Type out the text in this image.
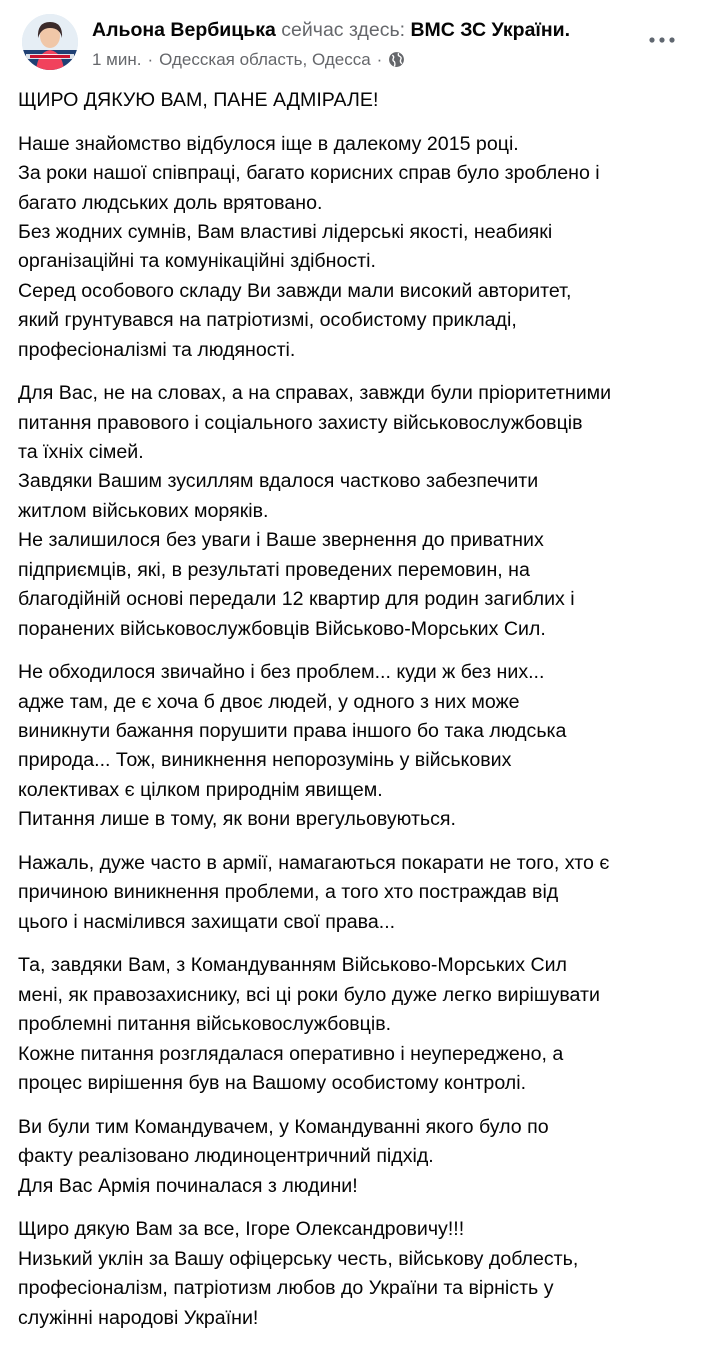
Альона Вербицька сейчас здесь: ВМС ЗС України.
1 мин. · Одесская область, Одесса ·
ЩИРО ДЯКУЮ ВАМ, ПАНЕ АДМІРАЛЕ!
Наше знайомство відбулося іще в далекому 2015 році.
За роки нашої співпраці, багато корисних справ було зроблено і
багато людських доль врятовано.
Без жодних сумнів, Вам властиві лідерські якості, неабиякі
організаційні та комунікаційні здібності.
Серед особового складу Ви завжди мали високий авторитет,
який грунтувався на патріотизмі, особистому прикладі,
професіоналізмі та людяності.
Для Вас, не на словах, а на справах, завжди були пріоритетними
питання правового і соціального захисту військовослужбовців
та їхніх сімей.
Завдяки Вашим зусиллям вдалося частково забезпечити
житлом військових моряків.
Не залишилося без уваги і Ваше звернення до приватних
підприємців, які, в результаті проведених перемовин, на
благодійній основі передали 12 квартир для родин загиблих і
поранених військовослужбовців Військово-Морських Сил.
Не обходилося звичайно і без проблем... куди ж без них...
адже там, де є хоча б двоє людей, у одного з них може
виникнути бажання порушити права іншого бо така людська
природа... Тож, виникнення непорозумінь у військових
колективах є цілком природнім явищем.
Питання лише в тому, як вони врегульовуються.
Нажаль, дуже часто в армії, намагаються покарати не того, хто є
причиною виникнення проблеми, а того хто постраждав від
цього і насмілився захищати свої права...
Та, завдяки Вам, з Командуванням Військово-Морських Сил
мені, як правозахиснику, всі ці роки було дуже легко вирішувати
проблемні питання військовослужбовців.
Кожне питання розглядалася оперативно і неупереджено, а
процес вирішення був на Вашому особистому контролі.
Ви були тим Командувачем, у Командуванні якого було по
факту реалізовано людиноцентричний підхід.
Для Вас Армія починалася з людини!
Щиро дякую Вам за все, Ігоре Олександровичу!!!
Низький уклін за Вашу офіцерську честь, військову доблесть,
професіоналізм, патріотизм любов до України та вірність у
служінні народові України!
